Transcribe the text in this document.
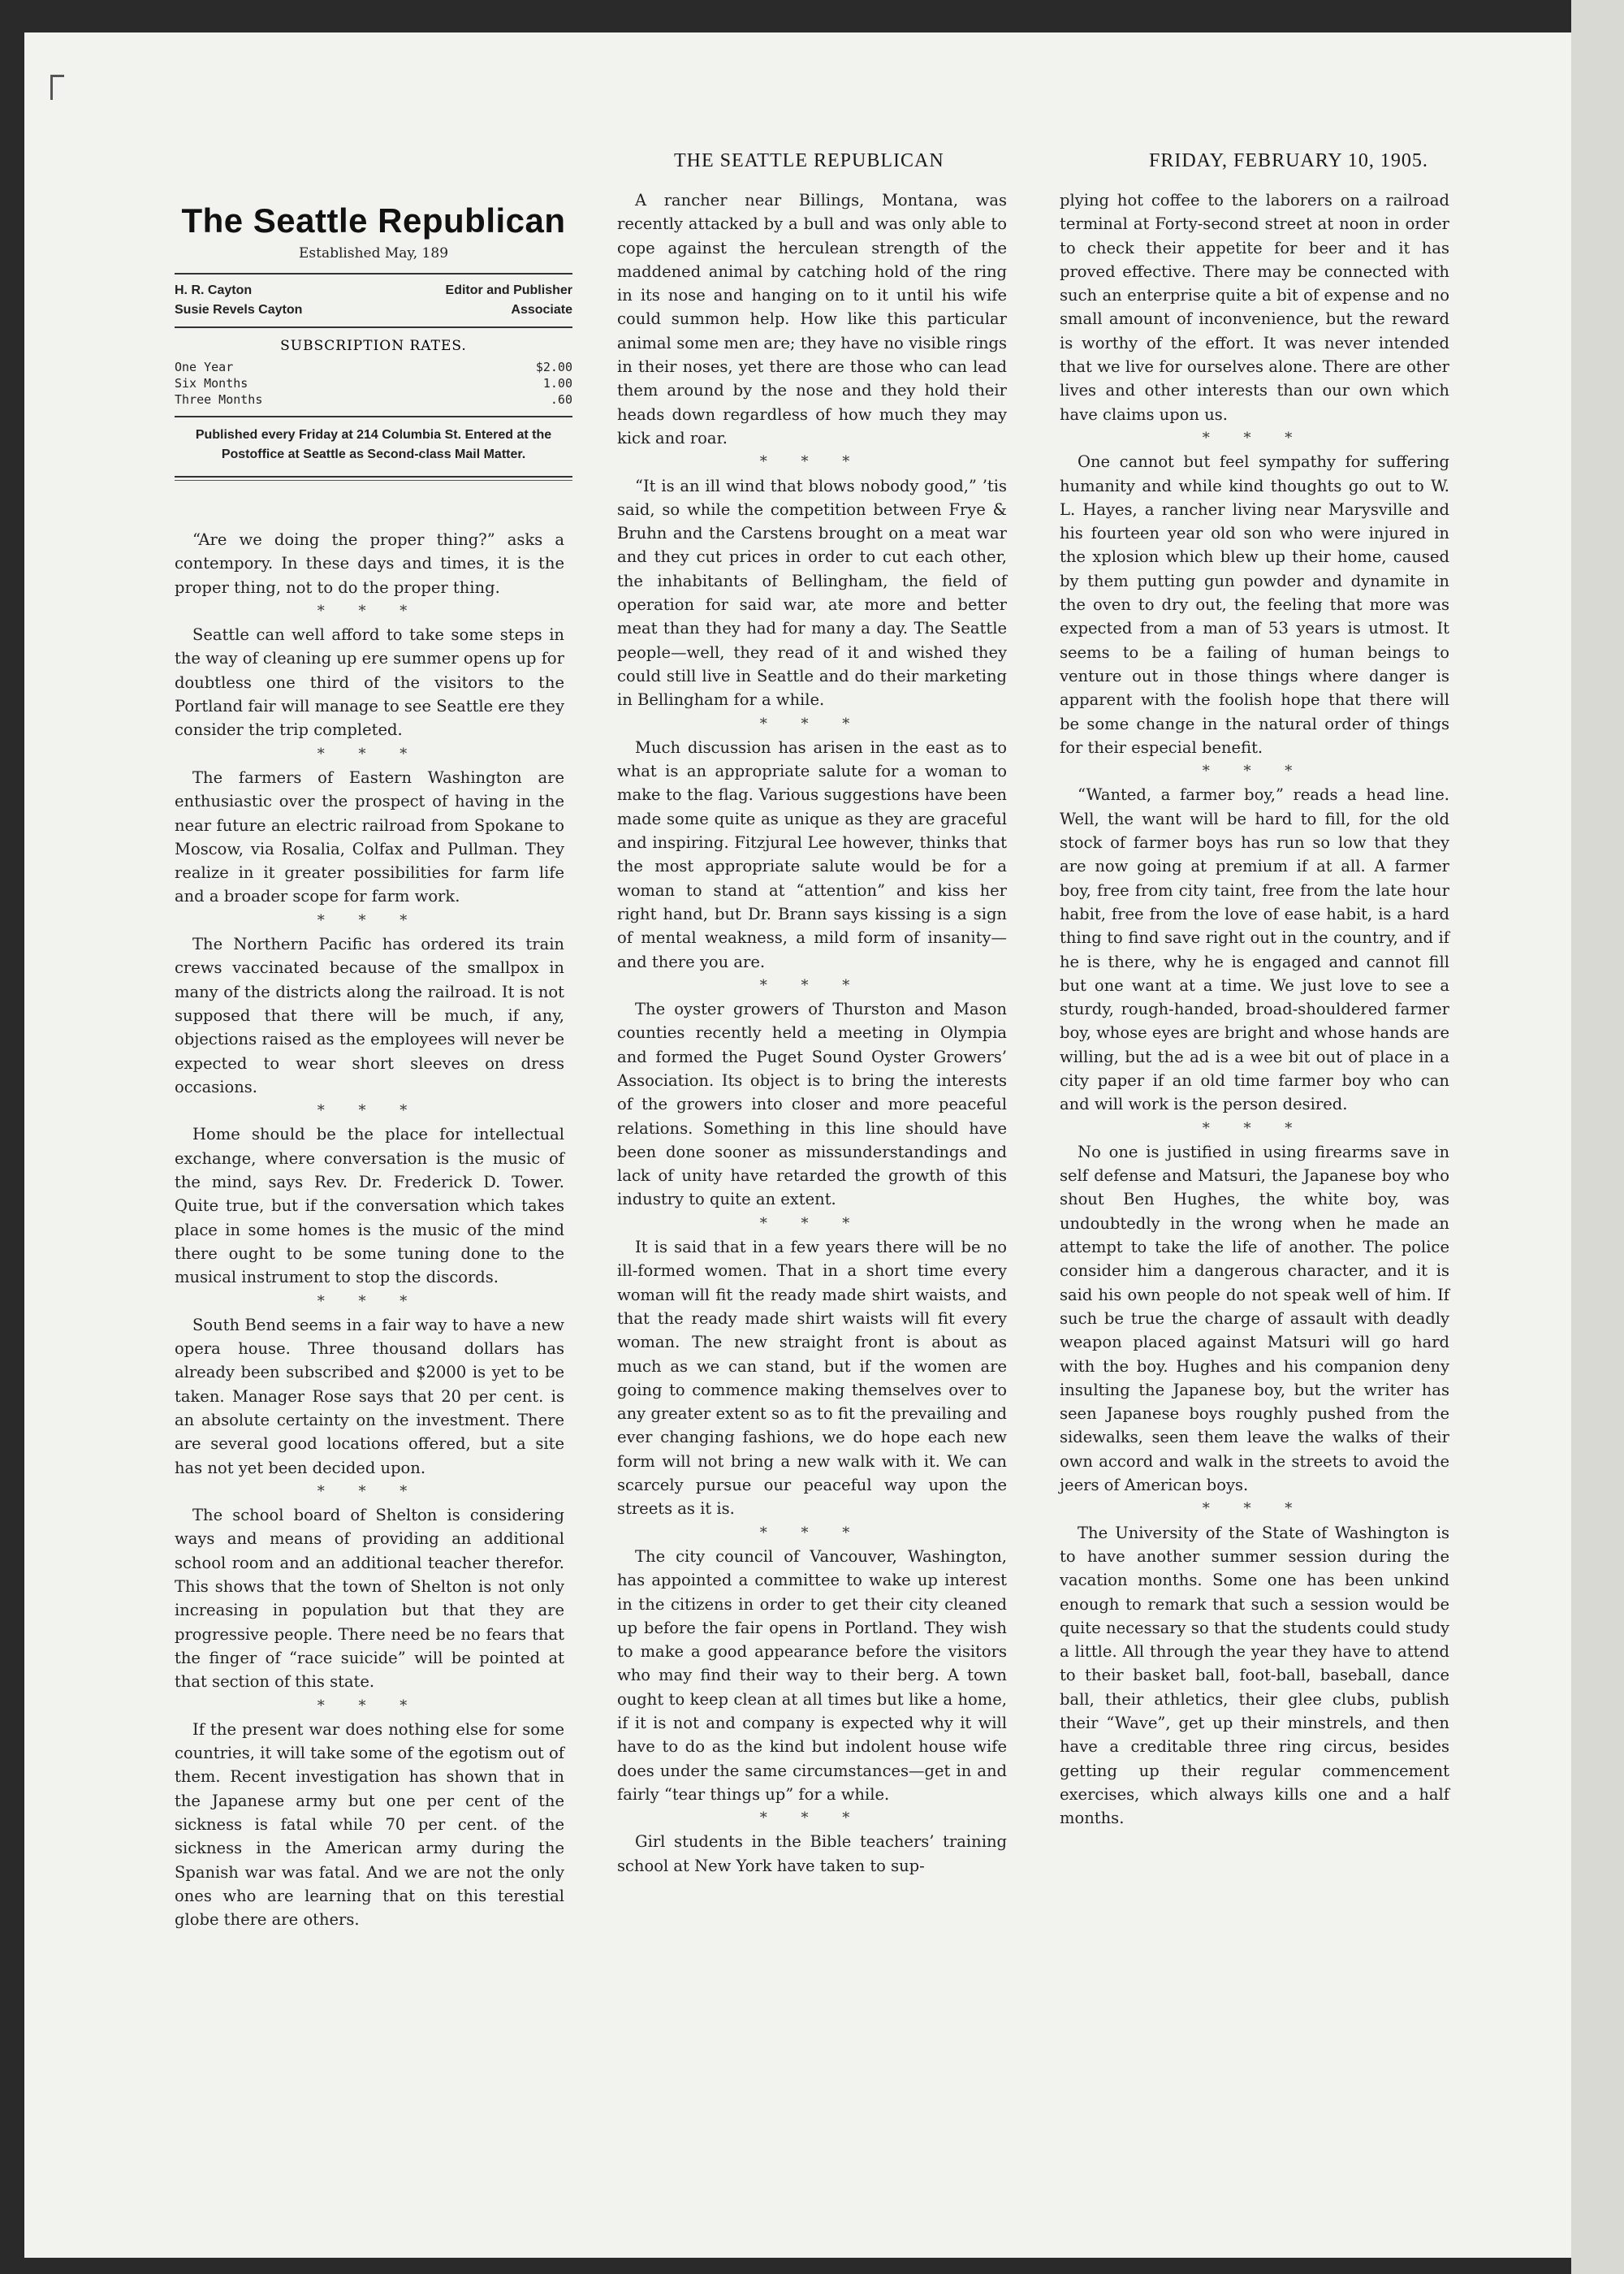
THE SEATTLE REPUBLICAN	FRIDAY, FEBRUARY 10, 1905.

The Seattle Republican

Established May, 189

H. R. Cayton	Editor and Publisher
Susie Revels Cayton	Associate
SUBSCRIPTION RATES.
One Year	$2.00
Six Months	1.00
Three Months	.60
Published every Friday at 214 Columbia St. Entered at the Postoffice at Seattle as Second-class Mail Matter.

“Are we doing the proper thing?” asks a contempory. In these days and times, it is the proper thing, not to do the proper thing.

* * *

Seattle can well afford to take some steps in the way of cleaning up ere summer opens up for doubtless one third of the visitors to the Portland fair will manage to see Seattle ere they consider the trip completed.

* * *

The farmers of Eastern Washington are enthusiastic over the prospect of having in the near future an electric railroad from Spokane to Moscow, via Rosalia, Colfax and Pullman. They realize in it greater possibilities for farm life and a broader scope for farm work.

* * *

The Northern Pacific has ordered its train crews vaccinated because of the smallpox in many of the districts along the railroad. It is not supposed that there will be much, if any, objections raised as the employees will never be expected to wear short sleeves on dress occasions.

* * *

Home should be the place for intellectual exchange, where conversation is the music of the mind, says Rev. Dr. Frederick D. Tower. Quite true, but if the conversation which takes place in some homes is the music of the mind there ought to be some tuning done to the musical instrument to stop the discords.

* * *

South Bend seems in a fair way to have a new opera house. Three thousand dollars has already been subscribed and $2000 is yet to be taken. Manager Rose says that 20 per cent. is an absolute certainty on the investment. There are several good locations offered, but a site has not yet been decided upon.

* * *

The school board of Shelton is considering ways and means of providing an additional school room and an additional teacher therefor. This shows that the town of Shelton is not only increasing in population but that they are progressive people. There need be no fears that the finger of “race suicide” will be pointed at that section of this state.

* * *

If the present war does nothing else for some countries, it will take some of the egotism out of them. Recent investigation has shown that in the Japanese army but one per cent of the sickness is fatal while 70 per cent. of the sickness in the American army during the Spanish war was fatal. And we are not the only ones who are learning that on this terestial globe there are others.

A rancher near Billings, Montana, was recently attacked by a bull and was only able to cope against the herculean strength of the maddened animal by catching hold of the ring in its nose and hanging on to it until his wife could summon help. How like this particular animal some men are; they have no visible rings in their noses, yet there are those who can lead them around by the nose and they hold their heads down regardless of how much they may kick and roar.

* * *

“It is an ill wind that blows nobody good,” ’tis said, so while the competition between Frye & Bruhn and the Carstens brought on a meat war and they cut prices in order to cut each other, the inhabitants of Bellingham, the field of operation for said war, ate more and better meat than they had for many a day. The Seattle people—well, they read of it and wished they could still live in Seattle and do their marketing in Bellingham for a while.

* * *

Much discussion has arisen in the east as to what is an appropriate salute for a woman to make to the flag. Various suggestions have been made some quite as unique as they are graceful and inspiring. Fitzjural Lee however, thinks that the most appropriate salute would be for a woman to stand at “attention” and kiss her right hand, but Dr. Brann says kissing is a sign of mental weakness, a mild form of insanity—and there you are.

* * *

The oyster growers of Thurston and Mason counties recently held a meeting in Olympia and formed the Puget Sound Oyster Growers’ Association. Its object is to bring the interests of the growers into closer and more peaceful relations. Something in this line should have been done sooner as missunderstandings and lack of unity have retarded the growth of this industry to quite an extent.

* * *

It is said that in a few years there will be no ill-formed women. That in a short time every woman will fit the ready made shirt waists, and that the ready made shirt waists will fit every woman. The new straight front is about as much as we can stand, but if the women are going to commence making themselves over to any greater extent so as to fit the prevailing and ever changing fashions, we do hope each new form will not bring a new walk with it. We can scarcely pursue our peaceful way upon the streets as it is.

* * *

The city council of Vancouver, Washington, has appointed a committee to wake up interest in the citizens in order to get their city cleaned up before the fair opens in Portland. They wish to make a good appearance before the visitors who may find their way to their berg. A town ought to keep clean at all times but like a home, if it is not and company is expected why it will have to do as the kind but indolent house wife does under the same circumstances—get in and fairly “tear things up” for a while.

* * *

Girl students in the Bible teachers’ training school at New York have taken to sup-

plying hot coffee to the laborers on a railroad terminal at Forty-second street at noon in order to check their appetite for beer and it has proved effective. There may be connected with such an enterprise quite a bit of expense and no small amount of inconvenience, but the reward is worthy of the effort. It was never intended that we live for ourselves alone. There are other lives and other interests than our own which have claims upon us.

* * *

One cannot but feel sympathy for suffering humanity and while kind thoughts go out to W. L. Hayes, a rancher living near Marysville and his fourteen year old son who were injured in the xplosion which blew up their home, caused by them putting gun powder and dynamite in the oven to dry out, the feeling that more was expected from a man of 53 years is utmost. It seems to be a failing of human beings to venture out in those things where danger is apparent with the foolish hope that there will be some change in the natural order of things for their especial benefit.

* * *

“Wanted, a farmer boy,” reads a head line. Well, the want will be hard to fill, for the old stock of farmer boys has run so low that they are now going at premium if at all. A farmer boy, free from city taint, free from the late hour habit, free from the love of ease habit, is a hard thing to find save right out in the country, and if he is there, why he is engaged and cannot fill but one want at a time. We just love to see a sturdy, rough-handed, broad-shouldered farmer boy, whose eyes are bright and whose hands are willing, but the ad is a wee bit out of place in a city paper if an old time farmer boy who can and will work is the person desired.

* * *

No one is justified in using firearms save in self defense and Matsuri, the Japanese boy who shout Ben Hughes, the white boy, was undoubtedly in the wrong when he made an attempt to take the life of another. The police consider him a dangerous character, and it is said his own people do not speak well of him. If such be true the charge of assault with deadly weapon placed against Matsuri will go hard with the boy. Hughes and his companion deny insulting the Japanese boy, but the writer has seen Japanese boys roughly pushed from the sidewalks, seen them leave the walks of their own accord and walk in the streets to avoid the jeers of American boys.

* * *

The University of the State of Washington is to have another summer session during the vacation months. Some one has been unkind enough to remark that such a session would be quite necessary so that the students could study a little. All through the year they have to attend to their basket ball, foot-ball, baseball, dance ball, their athletics, their glee clubs, publish their “Wave”, get up their minstrels, and then have a creditable three ring circus, besides getting up their regular commencement exercises, which always kills one and a half months.
